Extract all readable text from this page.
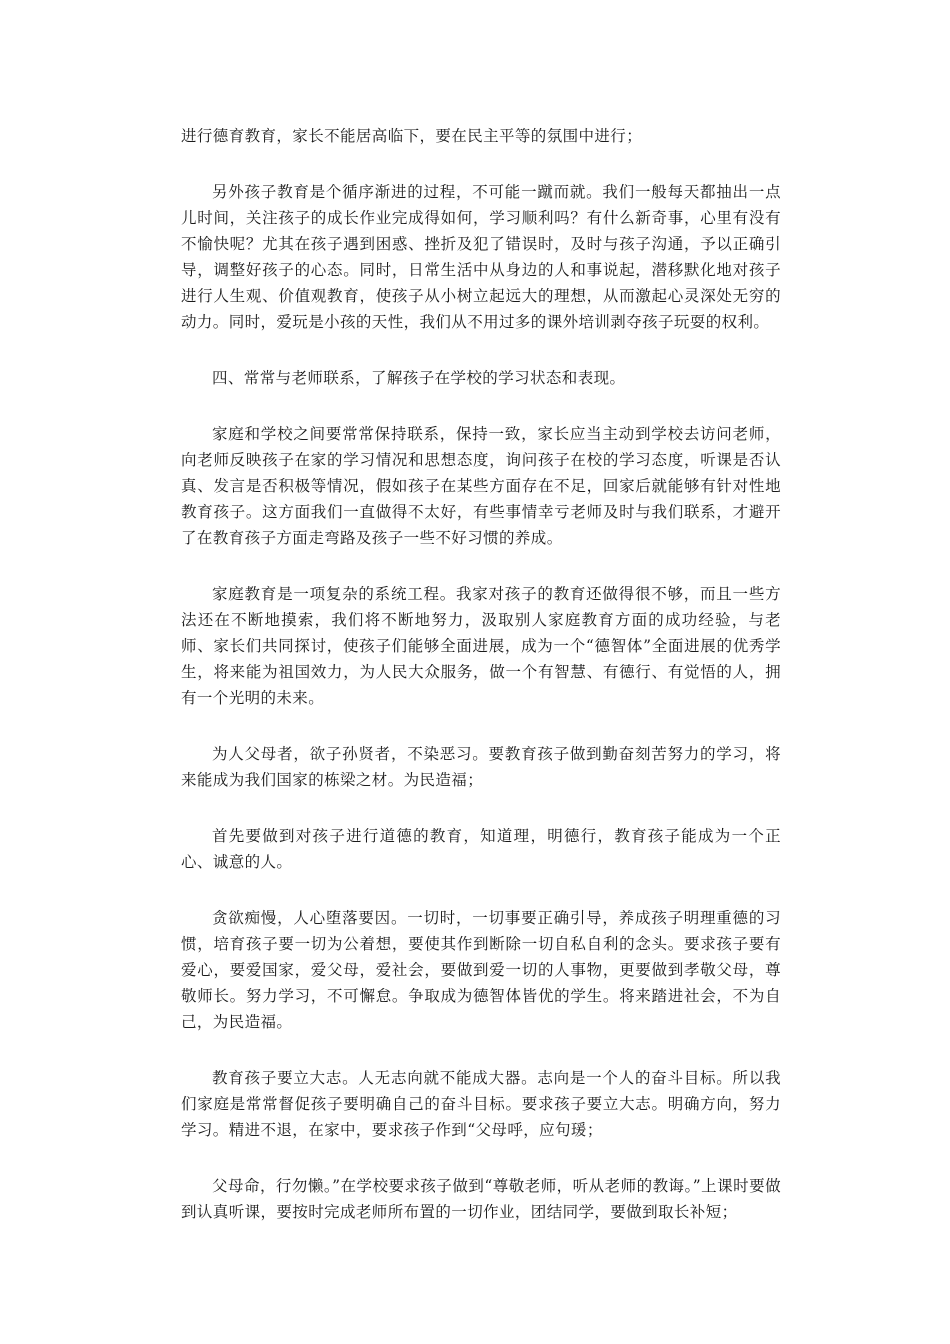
进行德育教育，家长不能居高临下，要在民主平等的氛围中进行；

另外孩子教育是个循序渐进的过程，不可能一蹴而就。我们一般每天都抽出一点儿时间，关注孩子的成长作业完成得如何，学习顺利吗？有什么新奇事，心里有没有不愉快呢？尤其在孩子遇到困惑、挫折及犯了错误时，及时与孩子沟通，予以正确引导，调整好孩子的心态。同时，日常生活中从身边的人和事说起，潜移默化地对孩子进行人生观、价值观教育，使孩子从小树立起远大的理想，从而激起心灵深处无穷的动力。同时，爱玩是小孩的天性，我们从不用过多的课外培训剥夺孩子玩耍的权利。

四、常常与老师联系，了解孩子在学校的学习状态和表现。

家庭和学校之间要常常保持联系，保持一致，家长应当主动到学校去访问老师，向老师反映孩子在家的学习情况和思想态度，询问孩子在校的学习态度，听课是否认真、发言是否积极等情况，假如孩子在某些方面存在不足，回家后就能够有针对性地教育孩子。这方面我们一直做得不太好，有些事情幸亏老师及时与我们联系，才避开了在教育孩子方面走弯路及孩子一些不好习惯的养成。

家庭教育是一项复杂的系统工程。我家对孩子的教育还做得很不够，而且一些方法还在不断地摸索，我们将不断地努力，汲取别人家庭教育方面的成功经验，与老师、家长们共同探讨，使孩子们能够全面进展，成为一个“德智体”全面进展的优秀学生，将来能为祖国效力，为人民大众服务，做一个有智慧、有德行、有觉悟的人，拥有一个光明的未来。

为人父母者，欲子孙贤者，不染恶习。要教育孩子做到勤奋刻苦努力的学习，将来能成为我们国家的栋梁之材。为民造福；

首先要做到对孩子进行道德的教育，知道理，明德行，教育孩子能成为一个正心、诚意的人。

贪欲痴慢，人心堕落要因。一切时，一切事要正确引导，养成孩子明理重德的习惯，培育孩子要一切为公着想，要使其作到断除一切自私自利的念头。要求孩子要有爱心，要爱国家，爱父母，爱社会，要做到爱一切的人事物，更要做到孝敬父母，尊敬师长。努力学习，不可懈怠。争取成为德智体皆优的学生。将来踏进社会，不为自己，为民造福。

教育孩子要立大志。人无志向就不能成大器。志向是一个人的奋斗目标。所以我们家庭是常常督促孩子要明确自己的奋斗目标。要求孩子要立大志。明确方向，努力学习。精进不退，在家中，要求孩子作到“父母呼，应句瑗；

父母命，行勿懒。”在学校要求孩子做到“尊敬老师，听从老师的教诲。”上课时要做到认真听课，要按时完成老师所布置的一切作业，团结同学，要做到取长补短；
